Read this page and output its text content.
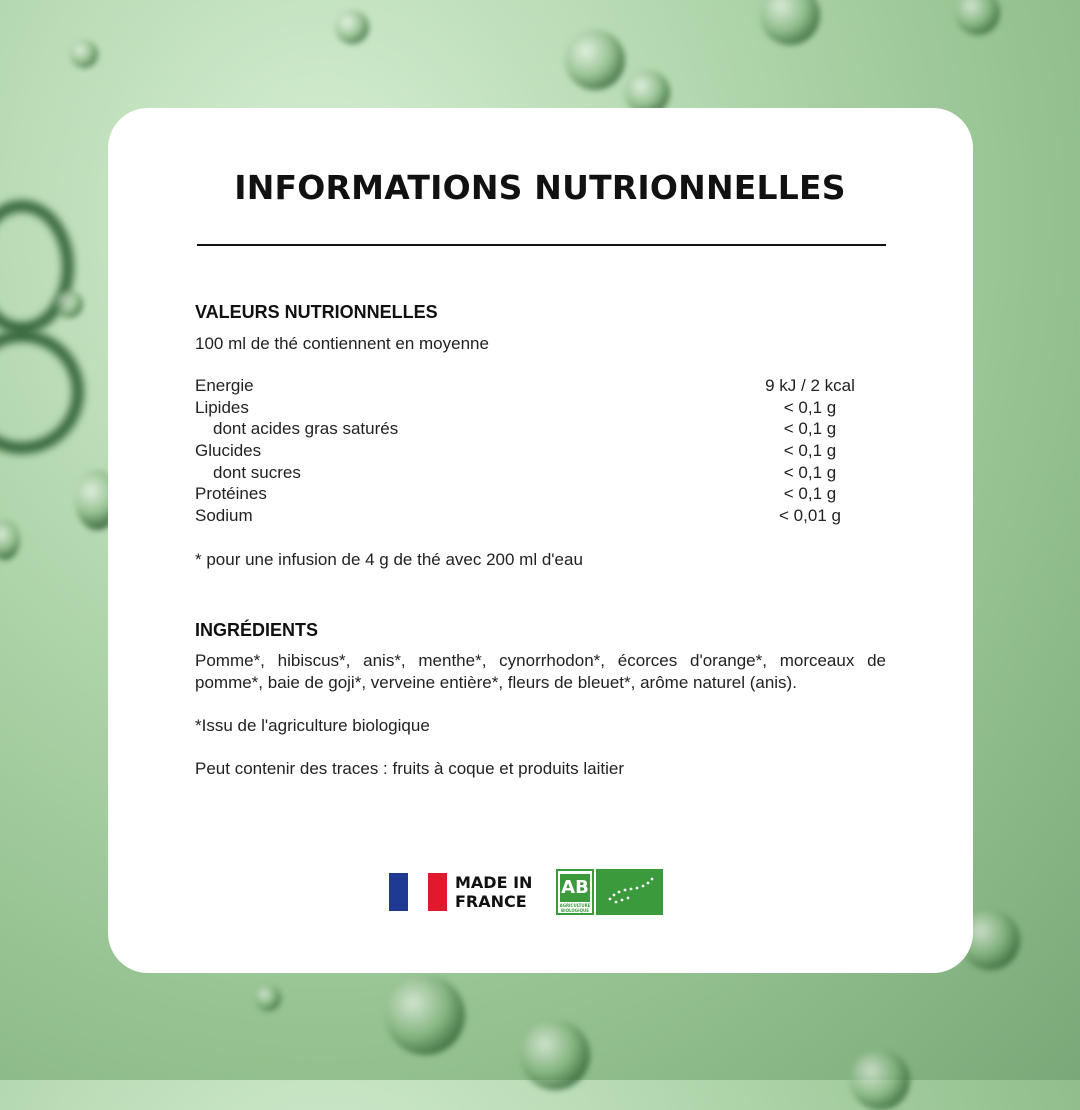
INFORMATIONS NUTRIONNELLES
VALEURS NUTRIONNELLES

100 ml de thé contiennent en moyenne

Energie	9 kJ / 2 kcal
Lipides	< 0,1 g
dont acides gras saturés	< 0,1 g
Glucides	< 0,1 g
dont sucres	< 0,1 g
Protéines	< 0,1 g
Sodium	< 0,01 g

* pour une infusion de 4 g de thé avec 200 ml d'eau

INGRÉDIENTS

Pomme*, hibiscus*, anis*, menthe*, cynorrhodon*, écorces d'orange*, morceaux de pomme*, baie de goji*, verveine entière*, fleurs de bleuet*, arôme naturel (anis).

*Issu de l'agriculture biologique

Peut contenir des traces : fruits à coque et produits laitier

MADE IN
FRANCE
AB
AGRICULTURE
BIOLOGIQUE
